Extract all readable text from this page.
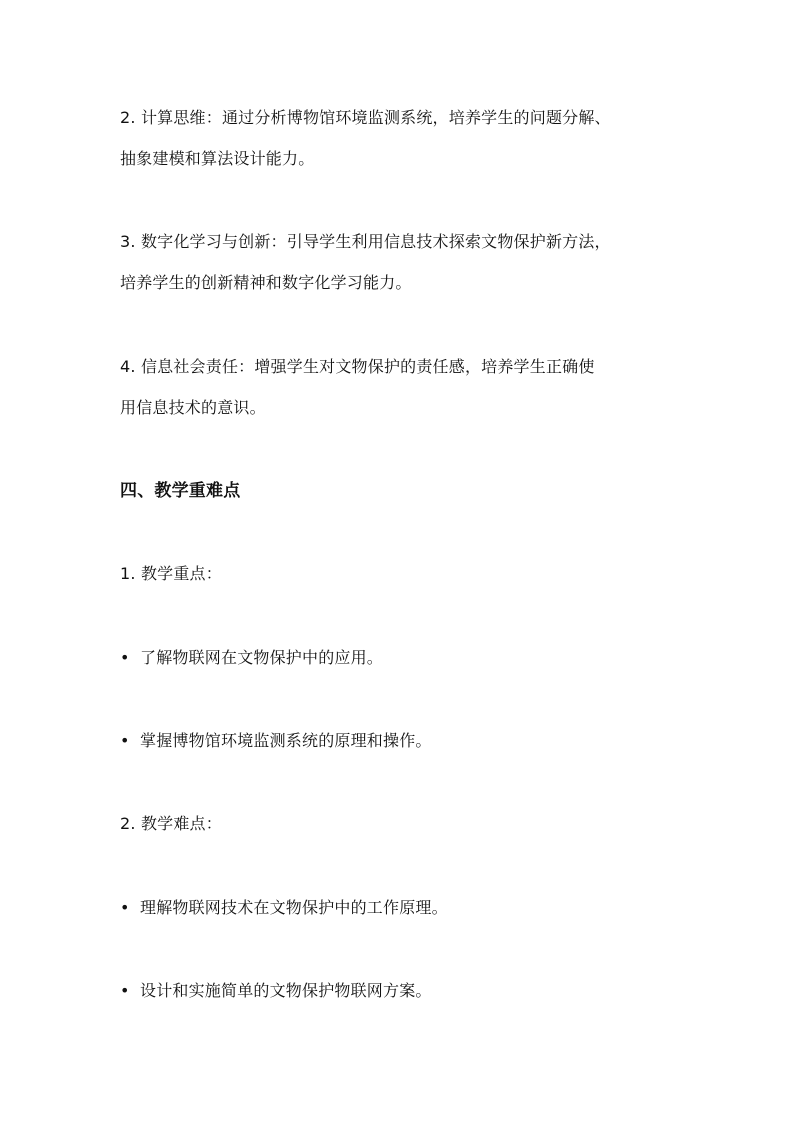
2. 计算思维：通过分析博物馆环境监测系统，培养学生的问题分解、
抽象建模和算法设计能力。
3. 数字化学习与创新：引导学生利用信息技术探索文物保护新方法，
培养学生的创新精神和数字化学习能力。
4. 信息社会责任：增强学生对文物保护的责任感，培养学生正确使
用信息技术的意识。
四、教学重难点
1. 教学重点：
• 了解物联网在文物保护中的应用。
• 掌握博物馆环境监测系统的原理和操作。
2. 教学难点：
• 理解物联网技术在文物保护中的工作原理。
• 设计和实施简单的文物保护物联网方案。
